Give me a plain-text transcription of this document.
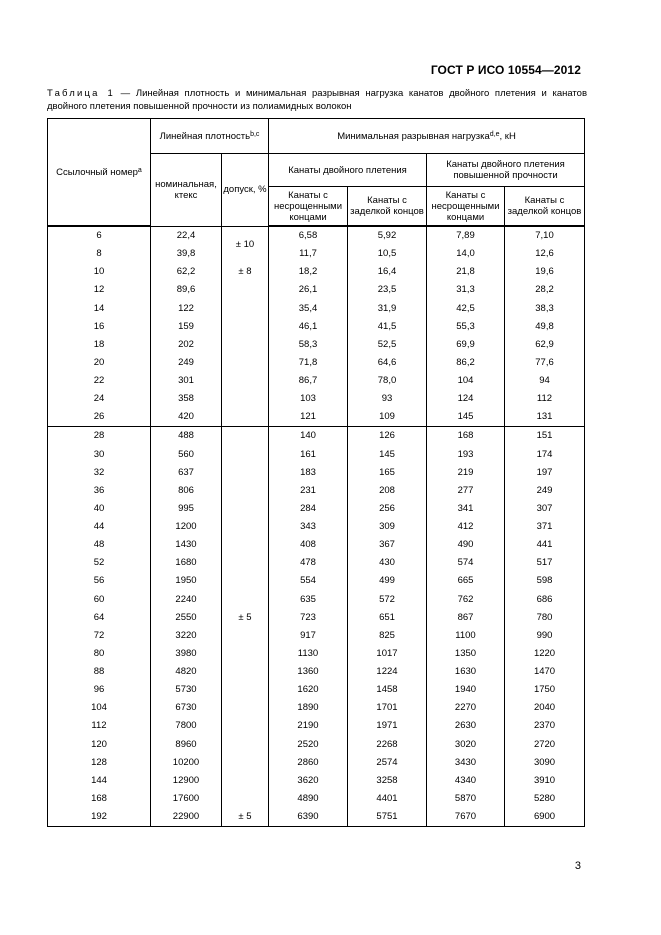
ГОСТ Р ИСО 10554—2012
Таблица 1 — Линейная плотность и минимальная разрывная нагрузка канатов двойного плетения и канатов двойного плетения повышенной прочности из полиамидных волокон
Ссылочный номер$^a$	Линейная плотность$^{b,c}$		Минимальная разрывная нагрузка$^{d,e}$, кН			
	номинальная, ктекс	допуск, %	Канаты двойного плетения		Канаты двойного плетения повышенной прочности	
			Канаты с несрощенными концами	Канаты с заделкой концов	Канаты с несрощенными концами	Канаты с заделкой концов
6	22,4	± 10	6,58	5,92	7,89	7,10
8	39,8		11,7	10,5	14,0	12,6
10	62,2	± 8	18,2	16,4	21,8	19,6
12	89,6		26,1	23,5	31,3	28,2
14	122		35,4	31,9	42,5	38,3
16	159		46,1	41,5	55,3	49,8
18	202		58,3	52,5	69,9	62,9
20	249		71,8	64,6	86,2	77,6
22	301		86,7	78,0	104	94
24	358		103	93	124	112
26	420		121	109	145	131
28	488	± 5	140	126	168	151
30	560		161	145	193	174
32	637		183	165	219	197
36	806		231	208	277	249
40	995		284	256	341	307
44	1200		343	309	412	371
48	1430		408	367	490	441
52	1680		478	430	574	517
56	1950		554	499	665	598
60	2240		635	572	762	686
64	2550		723	651	867	780
72	3220		917	825	1100	990
80	3980		1130	1017	1350	1220
88	4820		1360	1224	1630	1470
96	5730		1620	1458	1940	1750
104	6730		1890	1701	2270	2040
112	7800		2190	1971	2630	2370
120	8960		2520	2268	3020	2720
128	10200		2860	2574	3430	3090
144	12900		3620	3258	4340	3910
168	17600		4890	4401	5870	5280
192	22900	± 5	6390	5751	7670	6900
3
